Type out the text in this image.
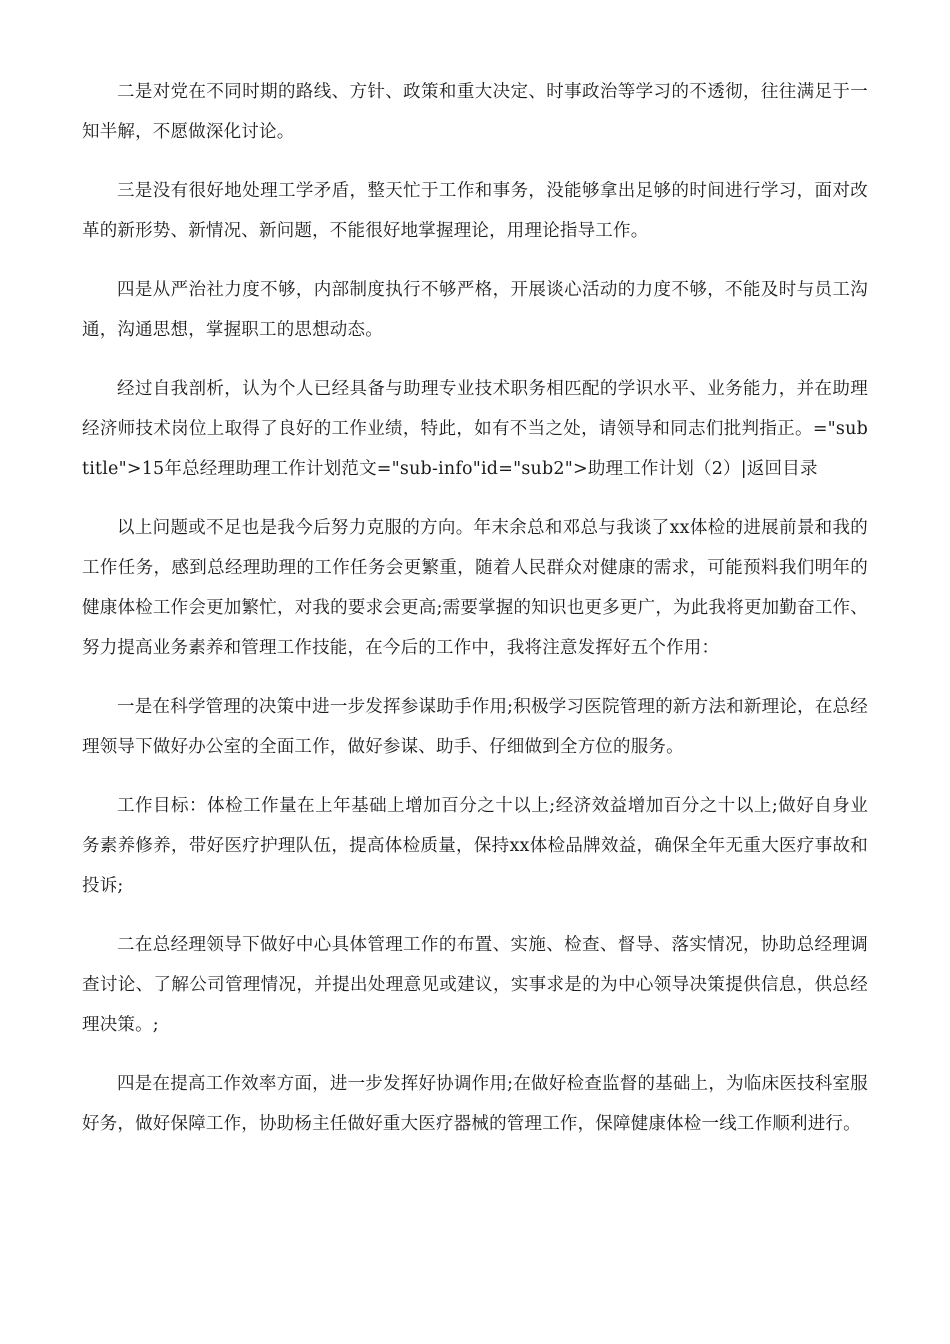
二是对党在不同时期的路线、方针、政策和重大决定、时事政治等学习的不透彻，往往满足于一知半解，不愿做深化讨论。

三是没有很好地处理工学矛盾，整天忙于工作和事务，没能够拿出足够的时间进行学习，面对改革的新形势、新情况、新问题，不能很好地掌握理论，用理论指导工作。

四是从严治社力度不够，内部制度执行不够严格，开展谈心活动的力度不够，不能及时与员工沟通，沟通思想，掌握职工的思想动态。

经过自我剖析，认为个人已经具备与助理专业技术职务相匹配的学识水平、业务能力，并在助理经济师技术岗位上取得了良好的工作业绩，特此，如有不当之处，请领导和同志们批判指正。="subtitle">15年总经理助理工作计划范文="sub-info"id="sub2">助理工作计划（2）|返回目录

以上问题或不足也是我今后努力克服的方向。年末余总和邓总与我谈了xx体检的进展前景和我的工作任务，感到总经理助理的工作任务会更繁重，随着人民群众对健康的需求，可能预料我们明年的健康体检工作会更加繁忙，对我的要求会更高;需要掌握的知识也更多更广，为此我将更加勤奋工作、努力提高业务素养和管理工作技能，在今后的工作中，我将注意发挥好五个作用：

一是在科学管理的决策中进一步发挥参谋助手作用;积极学习医院管理的新方法和新理论，在总经理领导下做好办公室的全面工作，做好参谋、助手、仔细做到全方位的服务。

工作目标：体检工作量在上年基础上增加百分之十以上;经济效益增加百分之十以上;做好自身业务素养修养，带好医疗护理队伍，提高体检质量，保持xx体检品牌效益，确保全年无重大医疗事故和投诉;

二在总经理领导下做好中心具体管理工作的布置、实施、检查、督导、落实情况，协助总经理调查讨论、了解公司管理情况，并提出处理意见或建议，实事求是的为中心领导决策提供信息，供总经理决策。;

四是在提高工作效率方面，进一步发挥好协调作用;在做好检查监督的基础上，为临床医技科室服好务，做好保障工作，协助杨主任做好重大医疗器械的管理工作，保障健康体检一线工作顺利进行。
